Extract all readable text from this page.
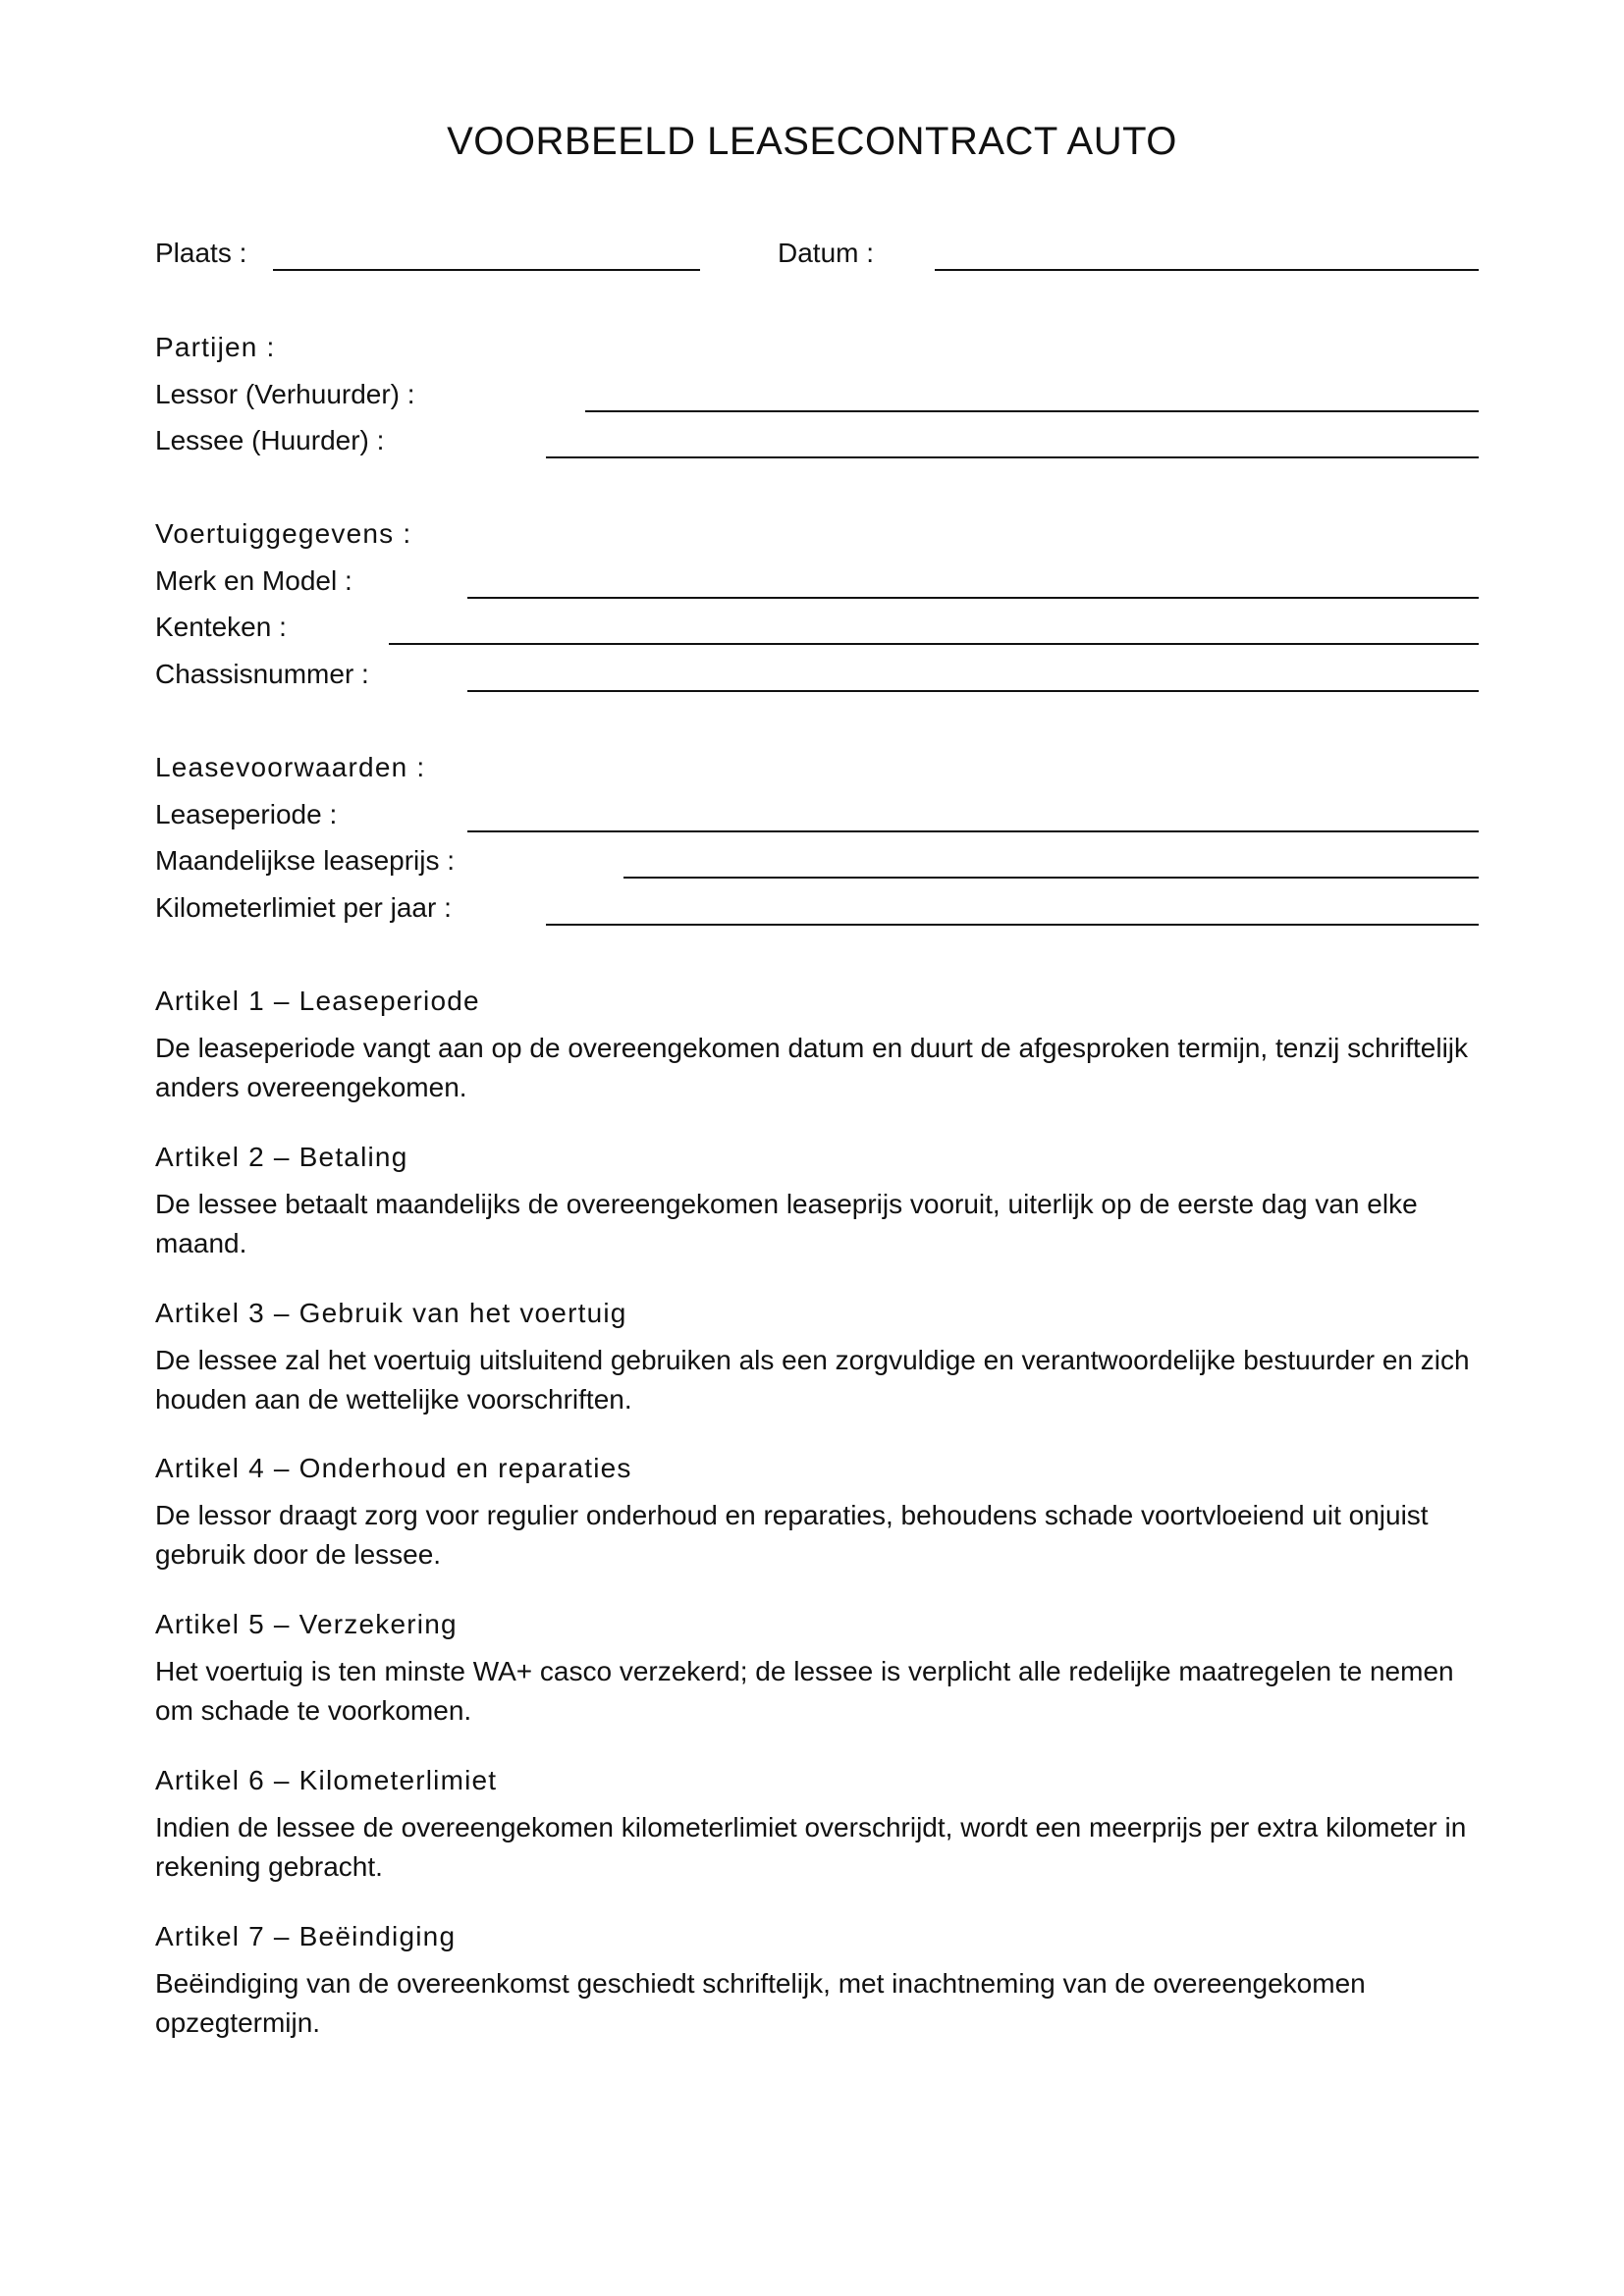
VOORBEELD LEASECONTRACT AUTO
Plaats :	Datum :
Partijen :
Lessor (Verhuurder) :
Lessee (Huurder) :
Voertuiggegevens :
Merk en Model :
Kenteken :
Chassisnummer :
Leasevoorwaarden :
Leaseperiode :
Maandelijkse leaseprijs :
Kilometerlimiet per jaar :
Artikel 1 – Leaseperiode
De leaseperiode vangt aan op de overeengekomen datum en duurt de afgesproken termijn, tenzij schriftelijk anders overeengekomen.
Artikel 2 – Betaling
De lessee betaalt maandelijks de overeengekomen leaseprijs vooruit, uiterlijk op de eerste dag van elke maand.
Artikel 3 – Gebruik van het voertuig
De lessee zal het voertuig uitsluitend gebruiken als een zorgvuldige en verantwoordelijke bestuurder en zich houden aan de wettelijke voorschriften.
Artikel 4 – Onderhoud en reparaties
De lessor draagt zorg voor regulier onderhoud en reparaties, behoudens schade voortvloeiend uit onjuist gebruik door de lessee.
Artikel 5 – Verzekering
Het voertuig is ten minste WA+ casco verzekerd; de lessee is verplicht alle redelijke maatregelen te nemen om schade te voorkomen.
Artikel 6 – Kilometerlimiet
Indien de lessee de overeengekomen kilometerlimiet overschrijdt, wordt een meerprijs per extra kilometer in rekening gebracht.
Artikel 7 – Beëindiging
Beëindiging van de overeenkomst geschiedt schriftelijk, met inachtneming van de overeengekomen opzegtermijn.
